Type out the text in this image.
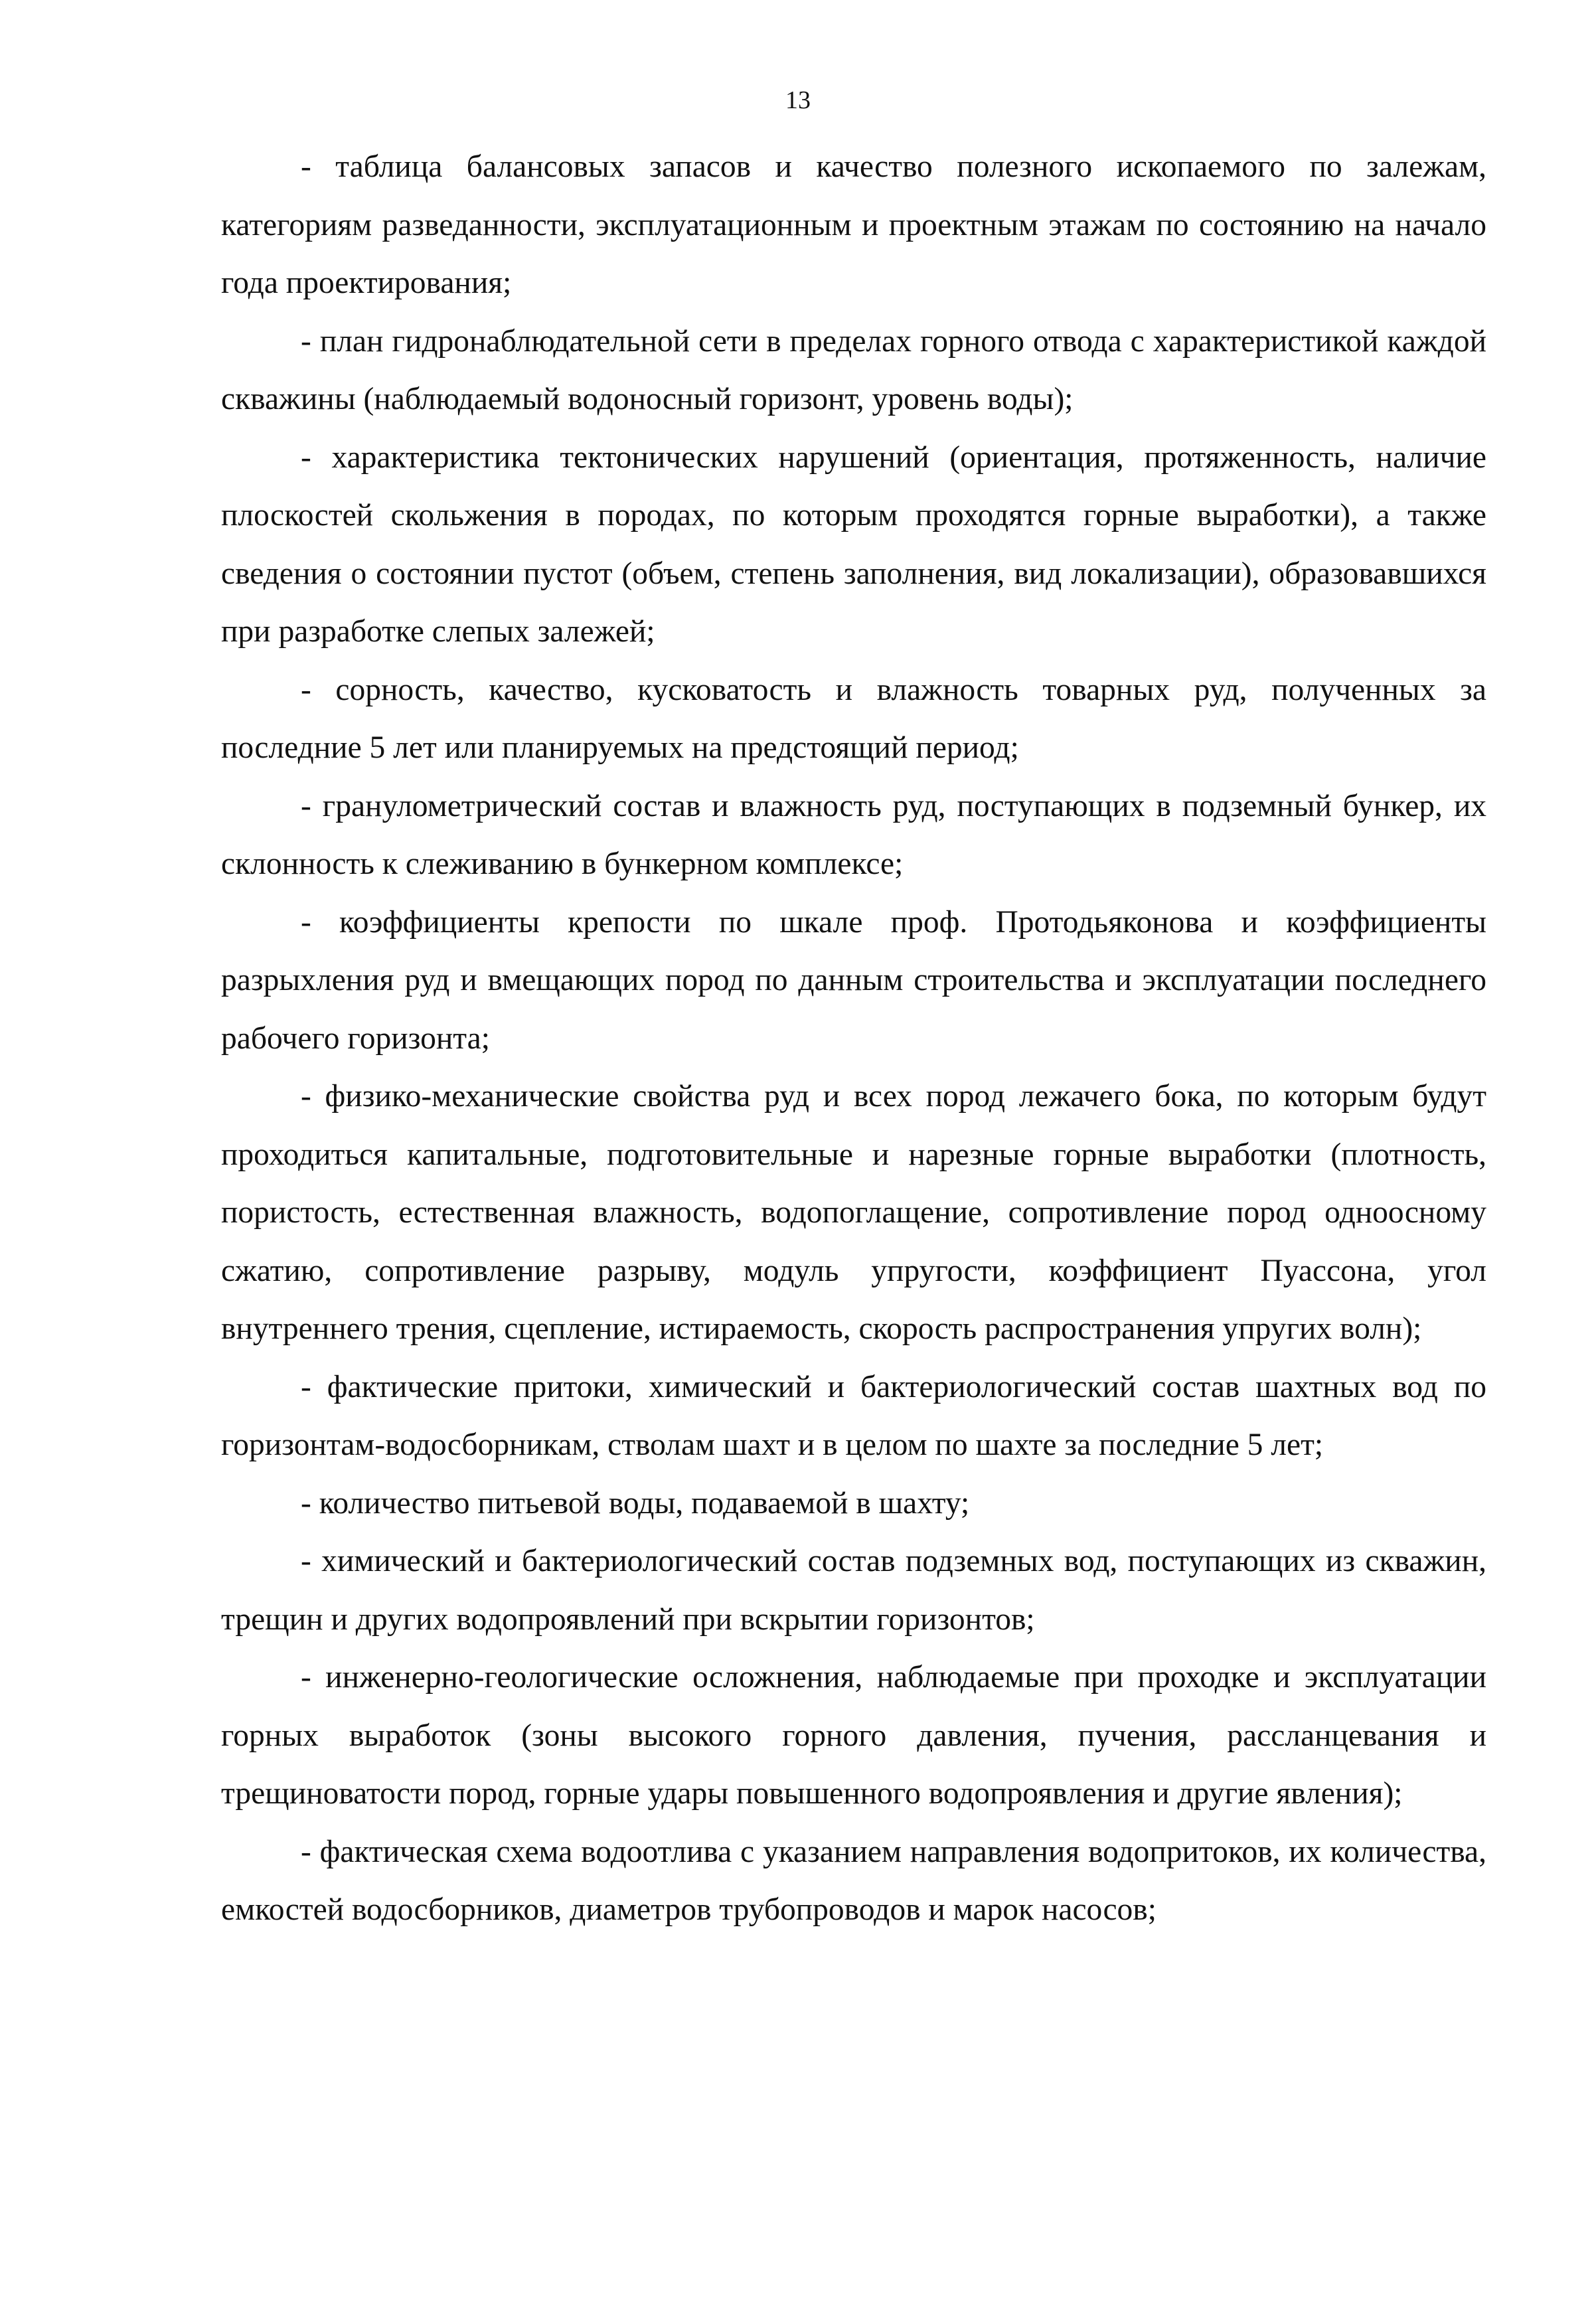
13

- таблица балансовых запасов и качество полезного ископаемого по залежам, категориям разведанности, эксплуатационным и проектным этажам по состоянию на начало года проектирования;

- план гидронаблюдательной сети в пределах горного отвода с характеристикой каждой скважины (наблюдаемый водоносный горизонт, уровень воды);

- характеристика тектонических нарушений (ориентация, протяженность, наличие плоскостей скольжения в породах, по которым проходятся горные выработки), а также сведения о состоянии пустот (объем, степень заполнения, вид локализации), образовавшихся при разработке слепых залежей;

- сорность, качество, кусковатость и влажность товарных руд, полученных за последние 5 лет или планируемых на предстоящий период;

- гранулометрический состав и влажность руд, поступающих в подземный бункер, их склонность к слеживанию в бункерном комплексе;

- коэффициенты крепости по шкале проф. Протодьяконова и коэффициенты разрыхления руд и вмещающих пород по данным строительства и эксплуатации последнего рабочего горизонта;

- физико-механические свойства руд и всех пород лежачего бока, по которым будут проходиться капитальные, подготовительные и нарезные горные выработки (плотность, пористость, естественная влажность, водопоглащение, сопротивление пород одноосному сжатию, сопротивление разрыву, модуль упругости, коэффициент Пуассона, угол внутреннего трения, сцепление, истираемость, скорость распространения упругих волн);

- фактические притоки, химический и бактериологический состав шахтных вод по горизонтам-водосборникам, стволам шахт и в целом по шахте за последние 5 лет;

- количество питьевой воды, подаваемой в шахту;

- химический и бактериологический состав подземных вод, поступающих из скважин, трещин и других водопроявлений при вскрытии горизонтов;

- инженерно-геологические осложнения, наблюдаемые при проходке и эксплуатации горных выработок (зоны высокого горного давления, пучения, рассланцевания и трещиноватости пород, горные удары повышенного водопроявления и другие явления);

- фактическая схема водоотлива с указанием направления водопритоков, их количества, емкостей водосборников, диаметров трубопроводов и марок насосов;
